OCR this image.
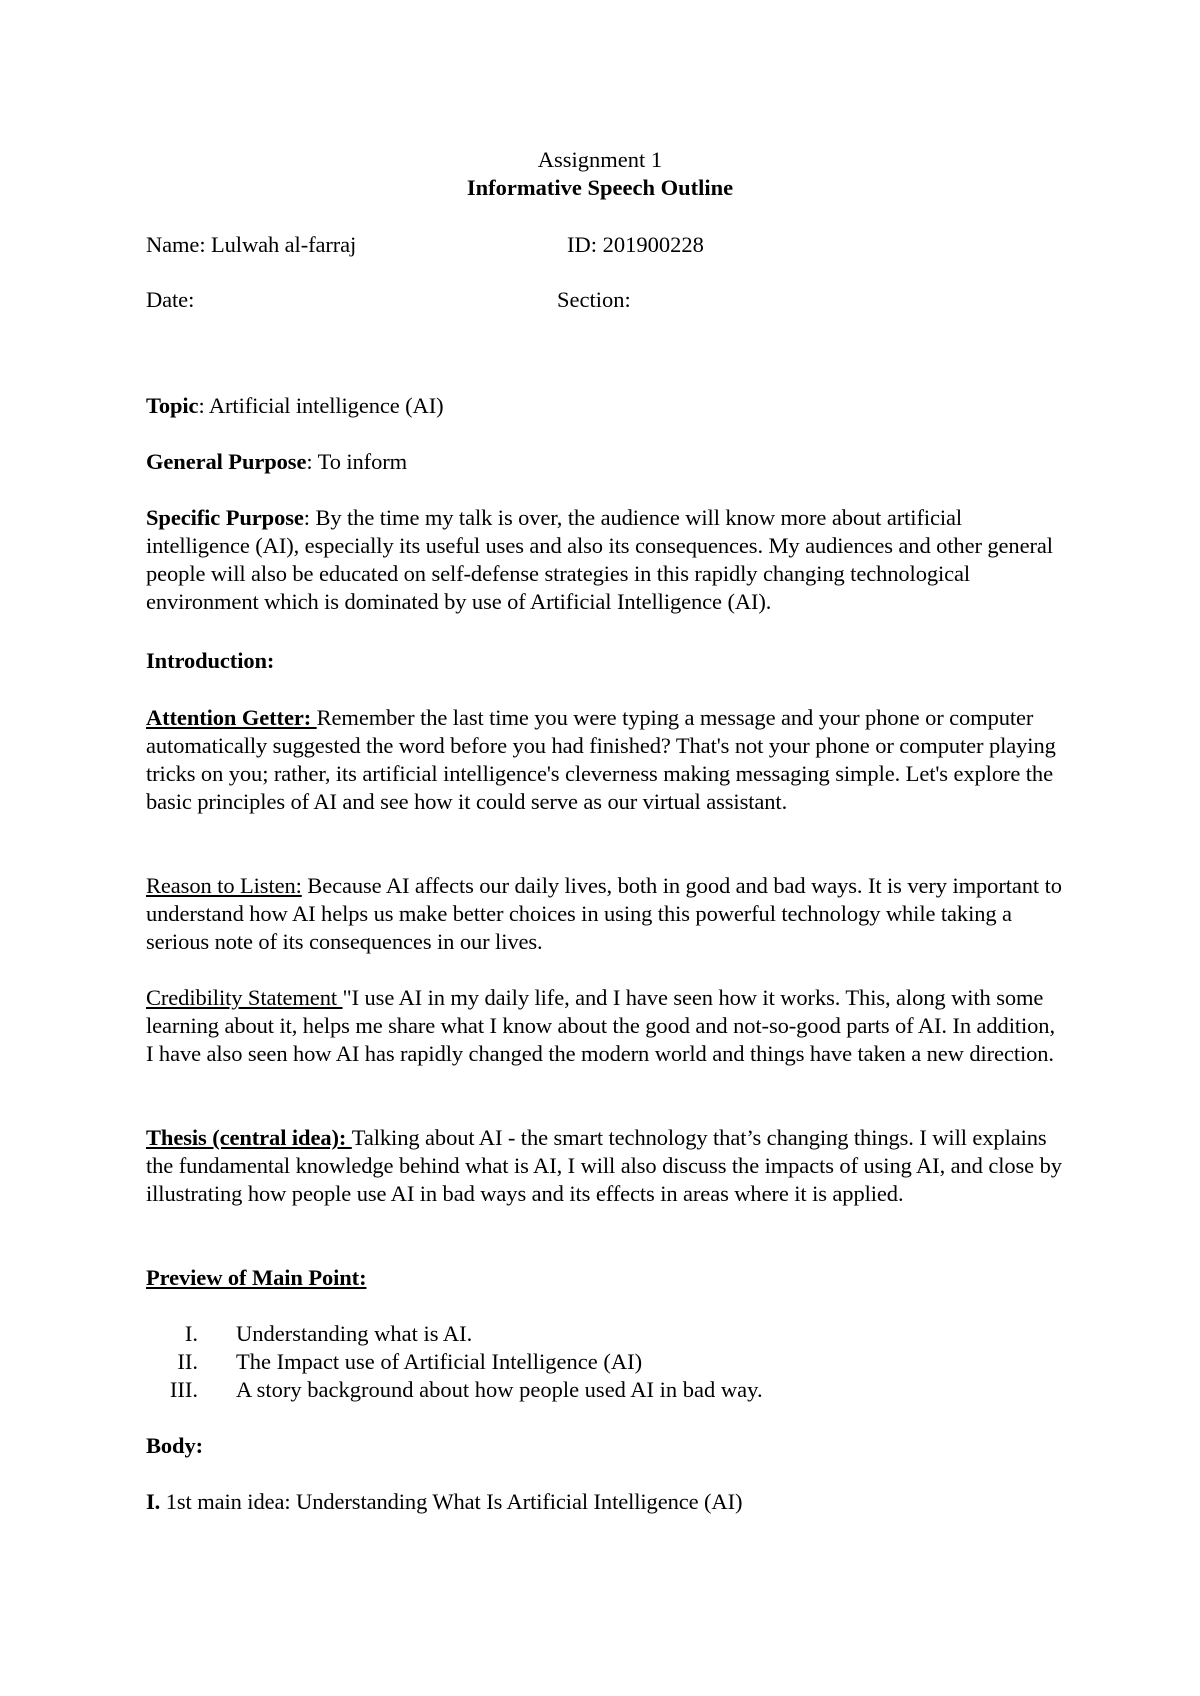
Assignment 1
Informative Speech Outline
Name: Lulwah al-farraj	ID: 201900228
Date:	Section:
Topic: Artificial intelligence (AI)
General Purpose: To inform
Specific Purpose: By the time my talk is over, the audience will know more about artificial intelligence (AI), especially its useful uses and also its consequences. My audiences and other general people will also be educated on self-defense strategies in this rapidly changing technological environment which is dominated by use of Artificial Intelligence (AI).
Introduction:
Attention Getter: Remember the last time you were typing a message and your phone or computer automatically suggested the word before you had finished? That's not your phone or computer playing tricks on you; rather, its artificial intelligence's cleverness making messaging simple. Let's explore the basic principles of AI and see how it could serve as our virtual assistant.
Reason to Listen: Because AI affects our daily lives, both in good and bad ways. It is very important to understand how AI helps us make better choices in using this powerful technology while taking a serious note of its consequences in our lives.
Credibility Statement "I use AI in my daily life, and I have seen how it works. This, along with some learning about it, helps me share what I know about the good and not-so-good parts of AI. In addition, I have also seen how AI has rapidly changed the modern world and things have taken a new direction.
Thesis (central idea): Talking about AI - the smart technology that’s changing things. I will explains the fundamental knowledge behind what is AI, I will also discuss the impacts of using AI, and close by illustrating how people use AI in bad ways and its effects in areas where it is applied.
Preview of Main Point:
I. Understanding what is AI.
II. The Impact use of Artificial Intelligence (AI)
III. A story background about how people used AI in bad way.
Body:
I. 1st main idea: Understanding What Is Artificial Intelligence (AI)
